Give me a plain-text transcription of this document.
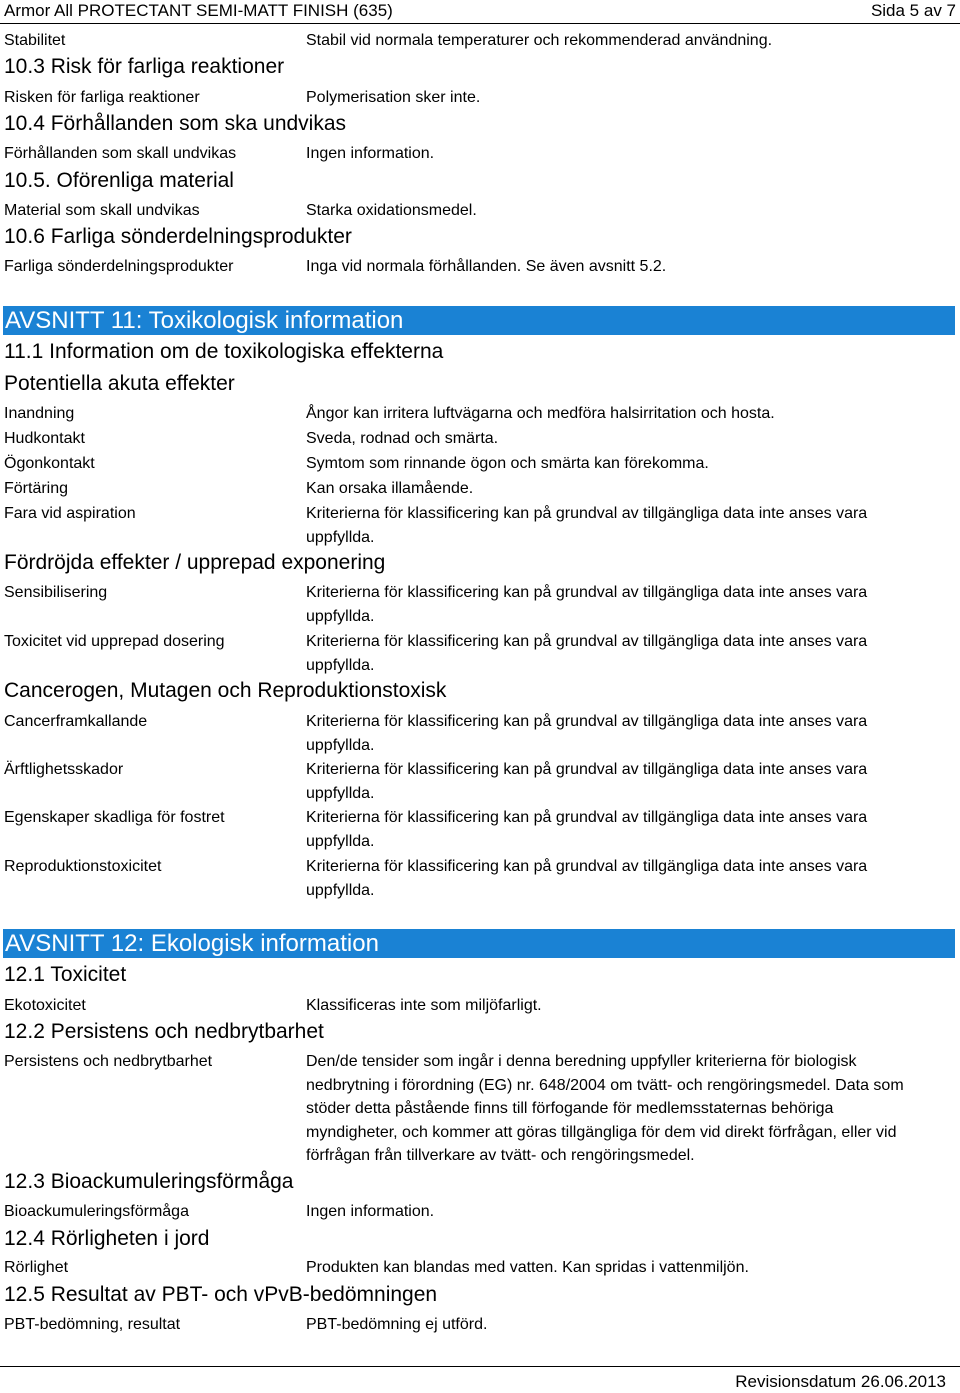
Armor All PROTECTANT SEMI-MATT FINISH (635)	Sida 5 av 7
Stabilitet	Stabil vid normala temperaturer och rekommenderad användning.
10.3 Risk för farliga reaktioner
Risken för farliga reaktioner	Polymerisation sker inte.
10.4 Förhållanden som ska undvikas
Förhållanden som skall undvikas	Ingen information.
10.5. Oförenliga material
Material som skall undvikas	Starka oxidationsmedel.
10.6 Farliga sönderdelningsprodukter
Farliga sönderdelningsprodukter	Inga vid normala förhållanden. Se även avsnitt 5.2.
AVSNITT 11: Toxikologisk information
11.1 Information om de toxikologiska effekterna
Potentiella akuta effekter
Inandning	Ångor kan irritera luftvägarna och medföra halsirritation och hosta.
Hudkontakt	Sveda, rodnad och smärta.
Ögonkontakt	Symtom som rinnande ögon och smärta kan förekomma.
Förtäring	Kan orsaka illamående.
Fara vid aspiration	Kriterierna för klassificering kan på grundval av tillgängliga data inte anses vara uppfyllda.
Fördröjda effekter / upprepad exponering
Sensibilisering	Kriterierna för klassificering kan på grundval av tillgängliga data inte anses vara uppfyllda.
Toxicitet vid upprepad dosering	Kriterierna för klassificering kan på grundval av tillgängliga data inte anses vara uppfyllda.
Cancerogen, Mutagen och Reproduktionstoxisk
Cancerframkallande	Kriterierna för klassificering kan på grundval av tillgängliga data inte anses vara uppfyllda.
Ärftlighetsskador	Kriterierna för klassificering kan på grundval av tillgängliga data inte anses vara uppfyllda.
Egenskaper skadliga för fostret	Kriterierna för klassificering kan på grundval av tillgängliga data inte anses vara uppfyllda.
Reproduktionstoxicitet	Kriterierna för klassificering kan på grundval av tillgängliga data inte anses vara uppfyllda.
AVSNITT 12: Ekologisk information
12.1 Toxicitet
Ekotoxicitet	Klassificeras inte som miljöfarligt.
12.2 Persistens och nedbrytbarhet
Persistens och nedbrytbarhet	Den/de tensider som ingår i denna beredning uppfyller kriterierna för biologisk nedbrytning i förordning (EG) nr. 648/2004 om tvätt- och rengöringsmedel. Data som stöder detta påstående finns till förfogande för medlemsstaternas behöriga myndigheter, och kommer att göras tillgängliga för dem vid direkt förfrågan, eller vid förfrågan från tillverkare av tvätt- och rengöringsmedel.
12.3 Bioackumuleringsförmåga
Bioackumuleringsförmåga	Ingen information.
12.4 Rörligheten i jord
Rörlighet	Produkten kan blandas med vatten. Kan spridas i vattenmiljön.
12.5 Resultat av PBT- och vPvB-bedömningen
PBT-bedömning, resultat	PBT-bedömning ej utförd.
Revisionsdatum 26.06.2013
